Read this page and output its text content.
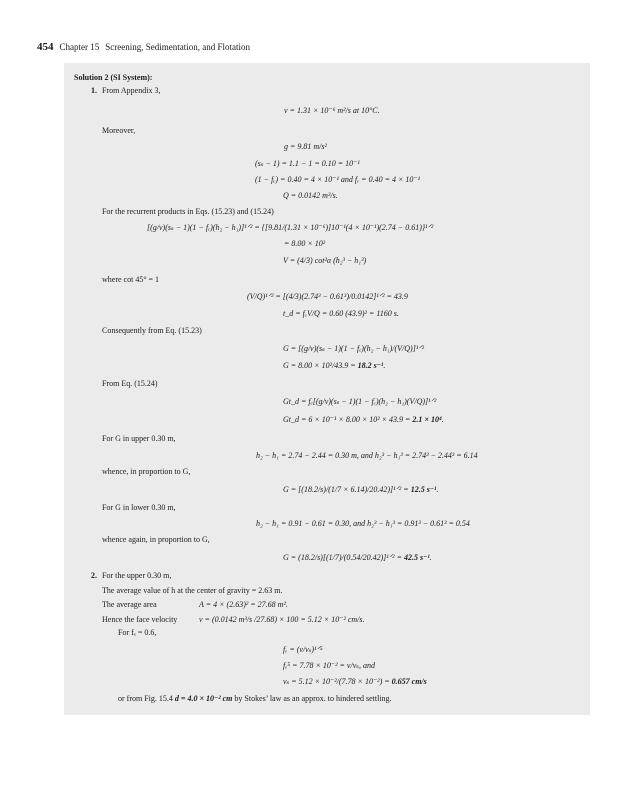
454 Chapter 15 Screening, Sedimentation, and Flotation
Solution 2 (SI System):
1. From Appendix 3,
ν = 1.31 × 10⁻⁶ m²/s at 10°C.
Moreover,
g = 9.81 m/s²
(sₛ − 1) = 1.1 − 1 = 0.10 = 10⁻¹
(1 − fₑ) = 0.40 = 4 × 10⁻¹ and fₑ = 0.40 = 4 × 10⁻¹
Q = 0.0142 m³/s.
For the recurrent products in Eqs. (15.23) and (15.24)
[(g/ν)(sₛ − 1)(1 − fₑ)(h₂ − h₁)]¹ᐟ² = {[9.81/(1.31 × 10⁻⁶)]10⁻¹(4 × 10⁻¹)(2.74 − 0.61)}¹ᐟ²
= 8.00 × 10²
V = (4/3) cot²α (h₂³ − h₁³)
where cot 45° = 1
(V/Q)¹ᐟ² = [(4/3)(2.74³ − 0.61³)/0.0142]¹ᐟ² = 43.9
t_d = fₑV/Q = 0.60 (43.9)² = 1160 s.
Consequently from Eq. (15.23)
G = [(g/ν)(sₛ − 1)(1 − fₑ)(h₂ − h₁)/(V/Q)]¹ᐟ²
G = 8.00 × 10²/43.9 = 18.2 s⁻¹.
From Eq. (15.24)
Gt_d = fₑ[(g/ν)(sₛ − 1)(1 − fₑ)(h₂ − h₁)(V/Q)]¹ᐟ²
Gt_d = 6 × 10⁻¹ × 8.00 × 10² × 43.9 = 2.1 × 10⁴.
For G in upper 0.30 m,
h₂ − h₁ = 2.74 − 2.44 = 0.30 m, and h₂³ − h₁³ = 2.74³ − 2.44³ = 6.14
whence, in proportion to G,
G = [(18.2/s)/(1/7 × 6.14)/20.42)]¹ᐟ² = 12.5 s⁻¹.
For G in lower 0.30 m,
h₂ − h₁ = 0.91 − 0.61 = 0.30, and h₂³ − h₁³ = 0.91³ − 0.61³ = 0.54
whence again, in proportion to G,
G = (18.2/s)[(1/7)/(0.54/20.42)]¹ᐟ² = 42.5 s⁻¹.
2. For the upper 0.30 m,
The average value of h at the center of gravity = 2.63 m.
The average area	A = 4 × (2.63)² = 27.68 m².
Hence the face velocity	v = (0.0142 m³/s /27.68) × 100 = 5.12 × 10⁻² cm/s.
For fₑ = 0.6,
fₑ = (v/vₛ)¹ᐟ⁵
fₑ⁵ = 7.78 × 10⁻² = v/vₛ, and
vₛ = 5.12 × 10⁻²/(7.78 × 10⁻²) = 0.657 cm/s
or from Fig. 15.4 d = 4.0 × 10⁻² cm by Stokes’ law as an approx. to hindered settling.
